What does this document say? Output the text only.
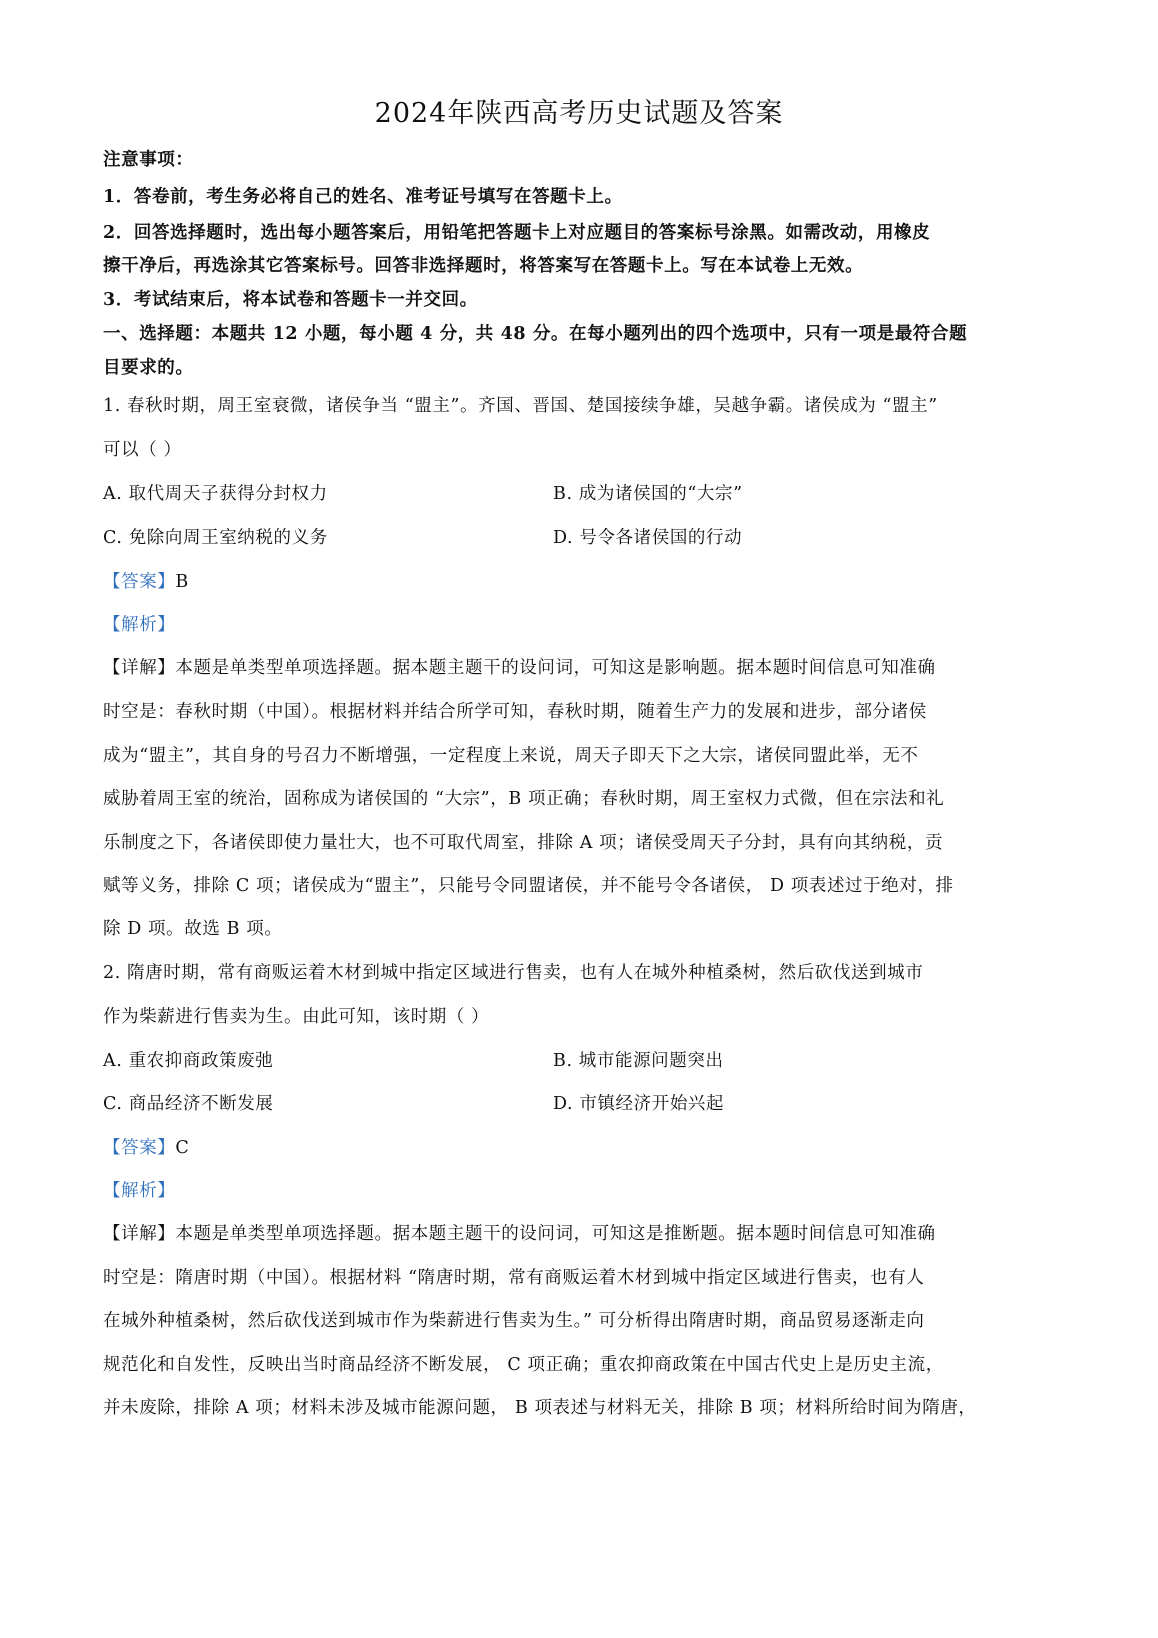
2024年陕西高考历史试题及答案
注意事项：
1．答卷前，考生务必将自己的姓名、准考证号填写在答题卡上。
2．回答选择题时，选出每小题答案后，用铅笔把答题卡上对应题目的答案标号涂黑。如需改动，用橡皮
擦干净后，再选涂其它答案标号。回答非选择题时，将答案写在答题卡上。写在本试卷上无效。
3．考试结束后，将本试卷和答题卡一并交回。
一、选择题：本题共 12 小题，每小题 4 分，共 48 分。在每小题列出的四个选项中，只有一项是最符合题
目要求的。
1. 春秋时期，周王室衰微，诸侯争当 “盟主”。齐国、晋国、楚国接续争雄，吴越争霸。诸侯成为 “盟主”
可以（ ）
A. 取代周天子获得分封权力	B. 成为诸侯国的“大宗”
C. 免除向周王室纳税的义务	D. 号令各诸侯国的行动
【答案】B
【解析】
【详解】本题是单类型单项选择题。据本题主题干的设问词，可知这是影响题。据本题时间信息可知准确
时空是：春秋时期（中国）。根据材料并结合所学可知，春秋时期，随着生产力的发展和进步，部分诸侯
成为“盟主”，其自身的号召力不断增强，一定程度上来说，周天子即天下之大宗，诸侯同盟此举，无不
威胁着周王室的统治，固称成为诸侯国的 “大宗”，B 项正确；春秋时期，周王室权力式微，但在宗法和礼
乐制度之下，各诸侯即使力量壮大，也不可取代周室，排除 A 项；诸侯受周天子分封，具有向其纳税，贡
赋等义务，排除 C 项；诸侯成为“盟主”，只能号令同盟诸侯，并不能号令各诸侯， D 项表述过于绝对，排
除 D 项。故选 B 项。
2. 隋唐时期，常有商贩运着木材到城中指定区域进行售卖，也有人在城外种植桑树，然后砍伐送到城市
作为柴薪进行售卖为生。由此可知，该时期（ ）
A. 重农抑商政策废弛	B. 城市能源问题突出
C. 商品经济不断发展	D. 市镇经济开始兴起
【答案】C
【解析】
【详解】本题是单类型单项选择题。据本题主题干的设问词，可知这是推断题。据本题时间信息可知准确
时空是：隋唐时期（中国）。根据材料 “隋唐时期，常有商贩运着木材到城中指定区域进行售卖，也有人
在城外种植桑树，然后砍伐送到城市作为柴薪进行售卖为生。” 可分析得出隋唐时期，商品贸易逐渐走向
规范化和自发性，反映出当时商品经济不断发展， C 项正确；重农抑商政策在中国古代史上是历史主流，
并未废除，排除 A 项；材料未涉及城市能源问题， B 项表述与材料无关，排除 B 项；材料所给时间为隋唐，
